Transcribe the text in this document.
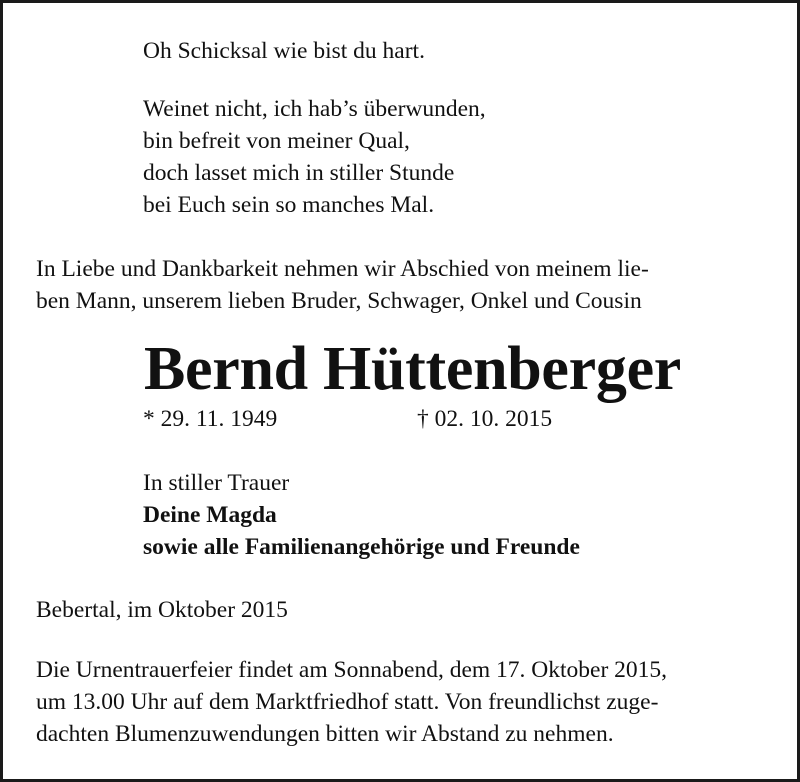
Oh Schicksal wie bist du hart.
Weinet nicht, ich hab’s überwunden,
bin befreit von meiner Qual,
doch lasset mich in stiller Stunde
bei Euch sein so manches Mal.
In Liebe und Dankbarkeit nehmen wir Abschied von meinem lie-
ben Mann, unserem lieben Bruder, Schwager, Onkel und Cousin
Bernd Hüttenberger
* 29. 11. 1949	† 02. 10. 2015
In stiller Trauer
Deine Magda
sowie alle Familienangehörige und Freunde
Bebertal, im Oktober 2015
Die Urnentrauerfeier findet am Sonnabend, dem 17. Oktober 2015,
um 13.00 Uhr auf dem Marktfriedhof statt. Von freundlichst zuge-
dachten Blumenzuwendungen bitten wir Abstand zu nehmen.
